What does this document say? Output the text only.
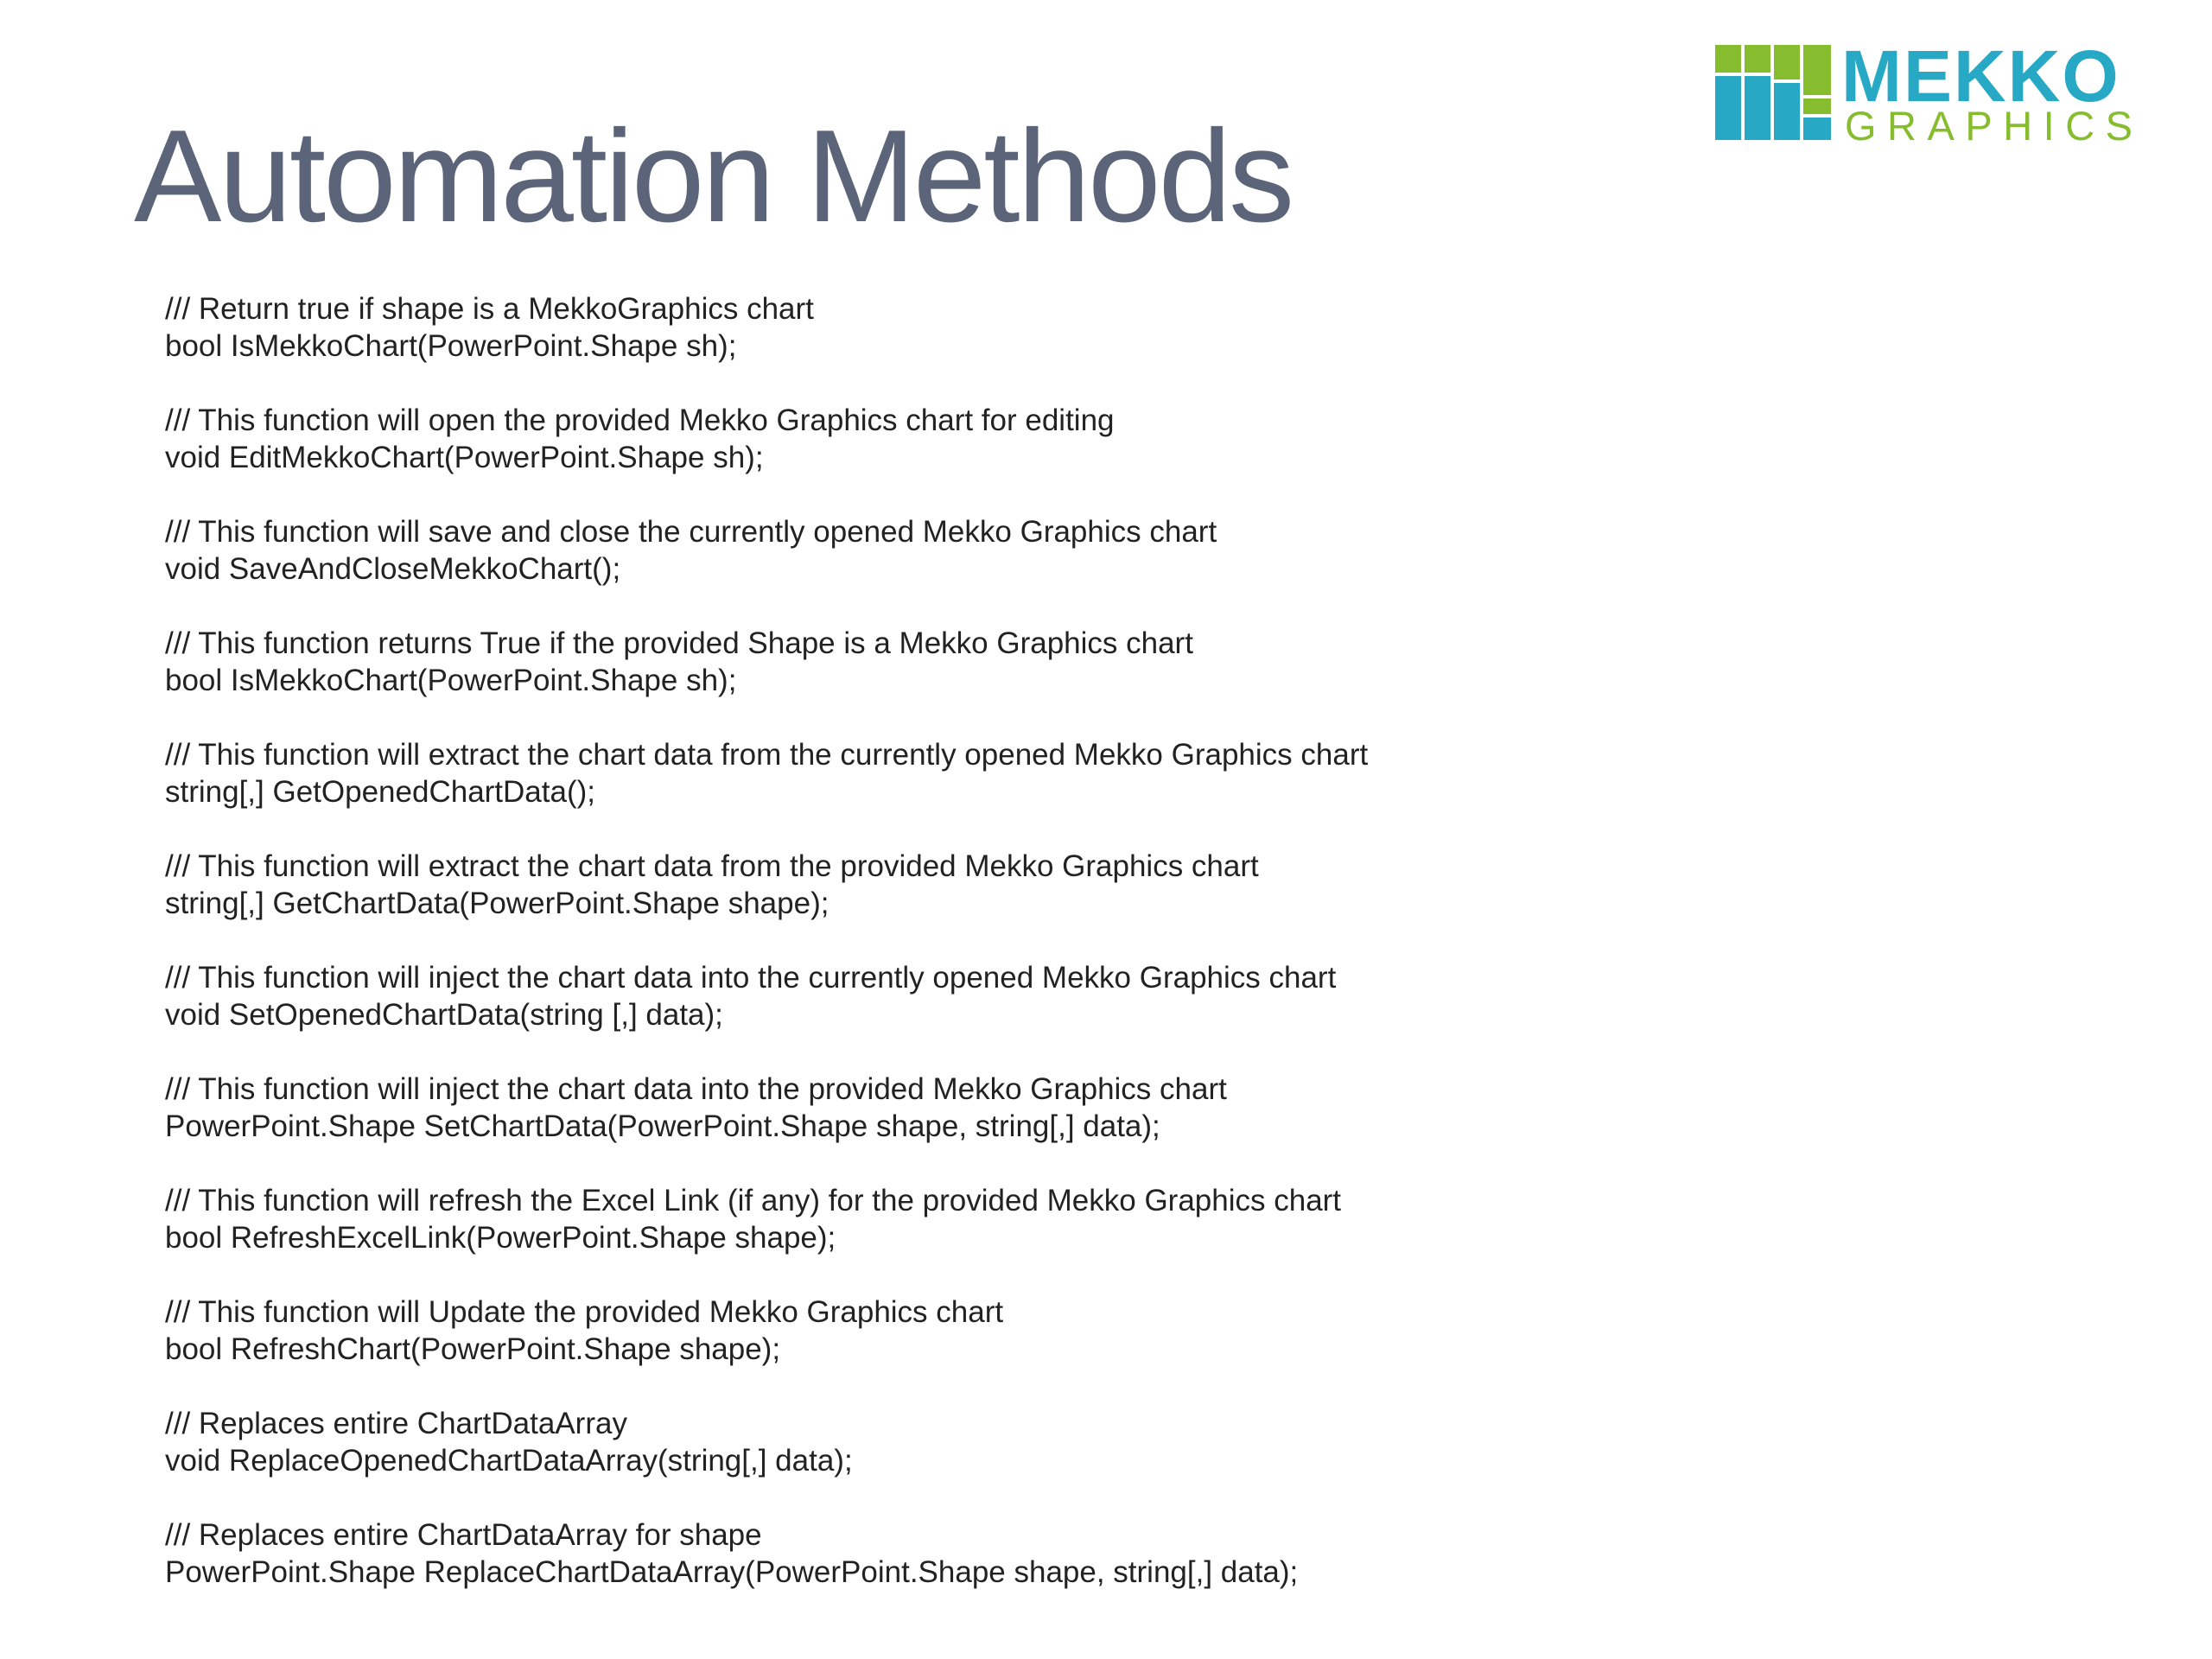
Automation Methods
MEKKO
GRAPHICS
/// Return true if shape is a MekkoGraphics chart
bool IsMekkoChart(PowerPoint.Shape sh);
/// This function will open the provided Mekko Graphics chart for editing
void EditMekkoChart(PowerPoint.Shape sh);
/// This function will save and close the currently opened Mekko Graphics chart
void SaveAndCloseMekkoChart();
/// This function returns True if the provided Shape is a Mekko Graphics chart
bool IsMekkoChart(PowerPoint.Shape sh);
/// This function will extract the chart data from the currently opened Mekko Graphics chart
string[,] GetOpenedChartData();
/// This function will extract the chart data from the provided Mekko Graphics chart
string[,] GetChartData(PowerPoint.Shape shape);
/// This function will inject the chart data into the currently opened Mekko Graphics chart
void SetOpenedChartData(string [,] data);
/// This function will inject the chart data into the provided Mekko Graphics chart
PowerPoint.Shape SetChartData(PowerPoint.Shape shape, string[,] data);
/// This function will refresh the Excel Link (if any) for the provided Mekko Graphics chart
bool RefreshExcelLink(PowerPoint.Shape shape);
/// This function will Update the provided Mekko Graphics chart
bool RefreshChart(PowerPoint.Shape shape);
/// Replaces entire ChartDataArray
void ReplaceOpenedChartDataArray(string[,] data);
/// Replaces entire ChartDataArray for shape
PowerPoint.Shape ReplaceChartDataArray(PowerPoint.Shape shape, string[,] data);
